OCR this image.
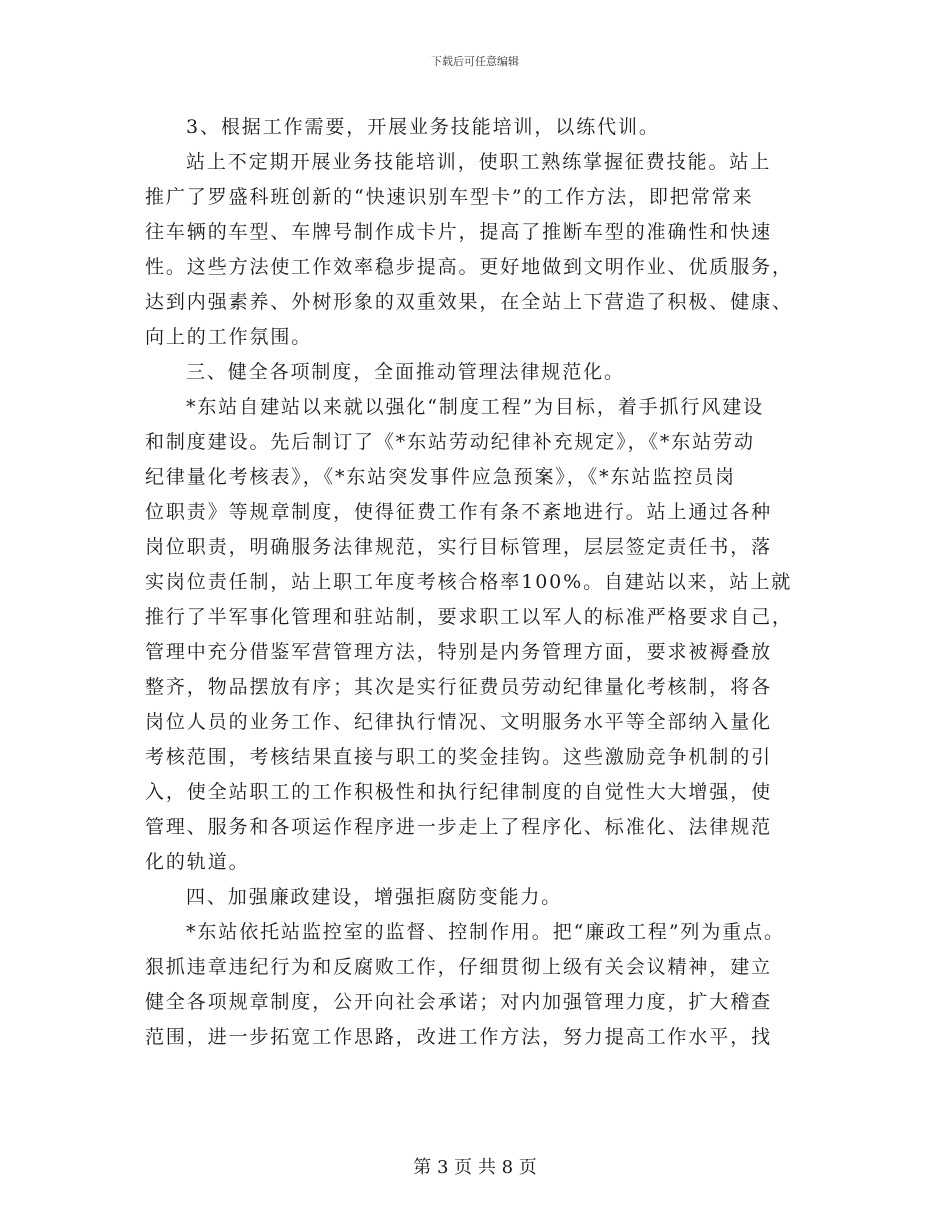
下载后可任意编辑
3、根据工作需要，开展业务技能培训，以练代训。
站上不定期开展业务技能培训，使职工熟练掌握征费技能。站上
推广了罗盛科班创新的“快速识别车型卡”的工作方法，即把常常来
往车辆的车型、车牌号制作成卡片，提高了推断车型的准确性和快速
性。这些方法使工作效率稳步提高。更好地做到文明作业、优质服务，
达到内强素养、外树形象的双重效果，在全站上下营造了积极、健康、
向上的工作氛围。
三、健全各项制度，全面推动管理法律规范化。
*东站自建站以来就以强化“制度工程”为目标，着手抓行风建设
和制度建设。先后制订了《*东站劳动纪律补充规定》，《*东站劳动
纪律量化考核表》，《*东站突发事件应急预案》，《*东站监控员岗
位职责》等规章制度，使得征费工作有条不紊地进行。站上通过各种
岗位职责，明确服务法律规范，实行目标管理，层层签定责任书，落
实岗位责任制，站上职工年度考核合格率100%。自建站以来，站上就
推行了半军事化管理和驻站制，要求职工以军人的标准严格要求自己，
管理中充分借鉴军营管理方法，特别是内务管理方面，要求被褥叠放
整齐，物品摆放有序；其次是实行征费员劳动纪律量化考核制，将各
岗位人员的业务工作、纪律执行情况、文明服务水平等全部纳入量化
考核范围，考核结果直接与职工的奖金挂钩。这些激励竞争机制的引
入，使全站职工的工作积极性和执行纪律制度的自觉性大大增强，使
管理、服务和各项运作程序进一步走上了程序化、标准化、法律规范
化的轨道。
四、加强廉政建设，增强拒腐防变能力。
*东站依托站监控室的监督、控制作用。把“廉政工程”列为重点。
狠抓违章违纪行为和反腐败工作，仔细贯彻上级有关会议精神，建立
健全各项规章制度，公开向社会承诺；对内加强管理力度，扩大稽查
范围，进一步拓宽工作思路，改进工作方法，努力提高工作水平，找
第 3 页 共 8 页
